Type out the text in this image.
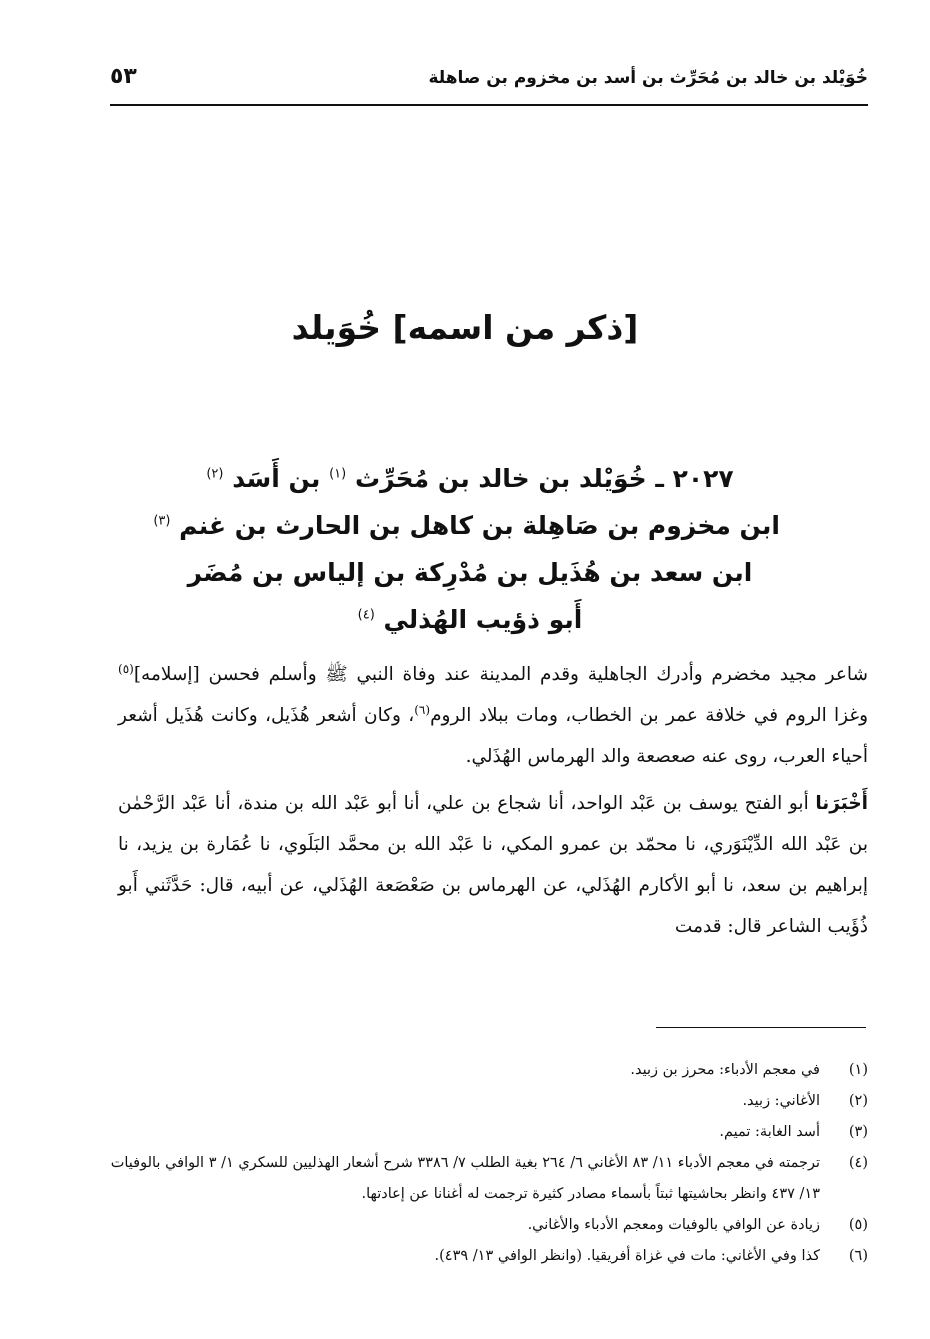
خُوَيْلد بن خالد بن مُحَرِّث بن أسد بن مخزوم بن صاهلة
٥٣
[ذكر من اسمه] خُوَيلد
٢٠٢٧ ـ خُوَيْلد بن خالد بن مُحَرِّث $^{(١)}$ بن أَسَد $^{(٢)}$
ابن مخزوم بن صَاهِلة بن كاهل بن الحارث بن غنم $^{(٣)}$
ابن سعد بن هُذَيل بن مُدْرِكة بن إلياس بن مُضَر
أَبو ذؤيب الهُذلي $^{(٤)}$

شاعر مجيد مخضرم وأدرك الجاهلية وقدم المدينة عند وفاة النبي ﷺ وأسلم فحسن [إسلامه]$^{(٥)}$ وغزا الروم في خلافة عمر بن الخطاب، ومات ببلاد الروم$^{(٦)}$، وكان أشعر هُذَيل، وكانت هُذَيل أشعر أحياء العرب، روى عنه صعصعة والد الهرماس الهُذَلي.

أَخْبَرَنا أبو الفتح يوسف بن عَبْد الواحد، أنا شجاع بن علي، أنا أبو عَبْد الله بن مندة، أنا عَبْد الرَّحْمٰن بن عَبْد الله الدِّيْنَوَري، نا محمّد بن عمرو المكي، نا عَبْد الله بن محمَّد البَلَوي، نا عُمَارة بن يزيد، نا إبراهيم بن سعد، نا أبو الأكارم الهُذَلي، عن الهرماس بن صَعْصَعة الهُذَلي، عن أبيه، قال: حَدَّثَني أَبو ذُؤَيب الشاعر قال: قدمت

(١)
في معجم الأدباء: محرز بن زبيد.
(٢)
الأغاني: زبيد.
(٣)
أسد الغابة: تميم.
(٤)
ترجمته في معجم الأدباء ١١/ ٨٣ الأغاني ٦/ ٢٦٤ بغية الطلب ٧/ ٣٣٨٦ شرح أشعار الهذليين للسكري ١/ ٣ الوافي بالوفيات ١٣/ ٤٣٧ وانظر بحاشيتها ثبتاً بأسماء مصادر كثيرة ترجمت له أغنانا عن إعادتها.
(٥)
زيادة عن الوافي بالوفيات ومعجم الأدباء والأغاني.
(٦)
كذا وفي الأغاني: مات في غزاة أفريقيا. (وانظر الوافي ١٣/ ٤٣٩).
